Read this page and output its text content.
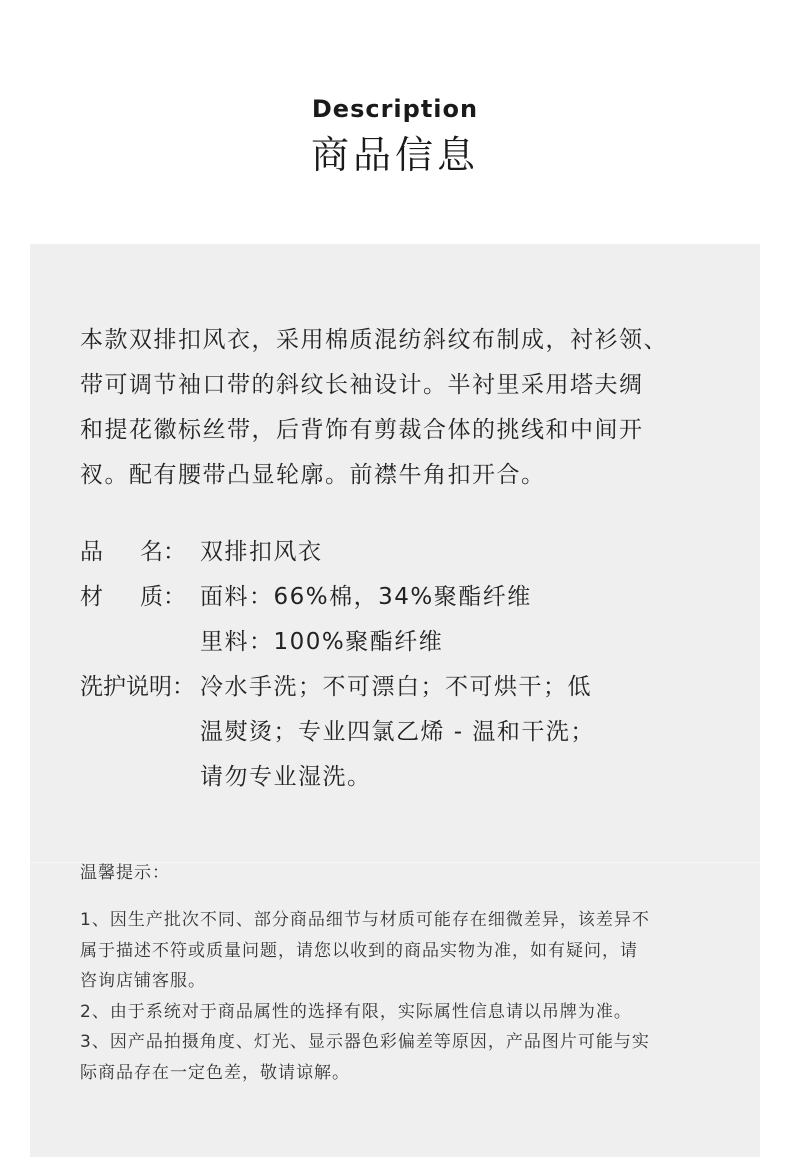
Description
商品信息
本款双排扣风衣，采用棉质混纺斜纹布制成，衬衫领、
带可调节袖口带的斜纹长袖设计。半衬里采用塔夫绸
和提花徽标丝带，后背饰有剪裁合体的挑线和中间开
衩。配有腰带凸显轮廓。前襟牛角扣开合。
品 名： 双排扣风衣
材 质： 面料：66%棉，34%聚酯纤维
里料：100%聚酯纤维
洗护说明： 冷水手洗；不可漂白；不可烘干；低
温熨烫；专业四氯乙烯 - 温和干洗；
请勿专业湿洗。
温馨提示：
1、因生产批次不同、部分商品细节与材质可能存在细微差异，该差异不
属于描述不符或质量问题，请您以收到的商品实物为准，如有疑问，请
咨询店铺客服。
2、由于系统对于商品属性的选择有限，实际属性信息请以吊牌为准。
3、因产品拍摄角度、灯光、显示器色彩偏差等原因，产品图片可能与实
际商品存在一定色差，敬请谅解。
